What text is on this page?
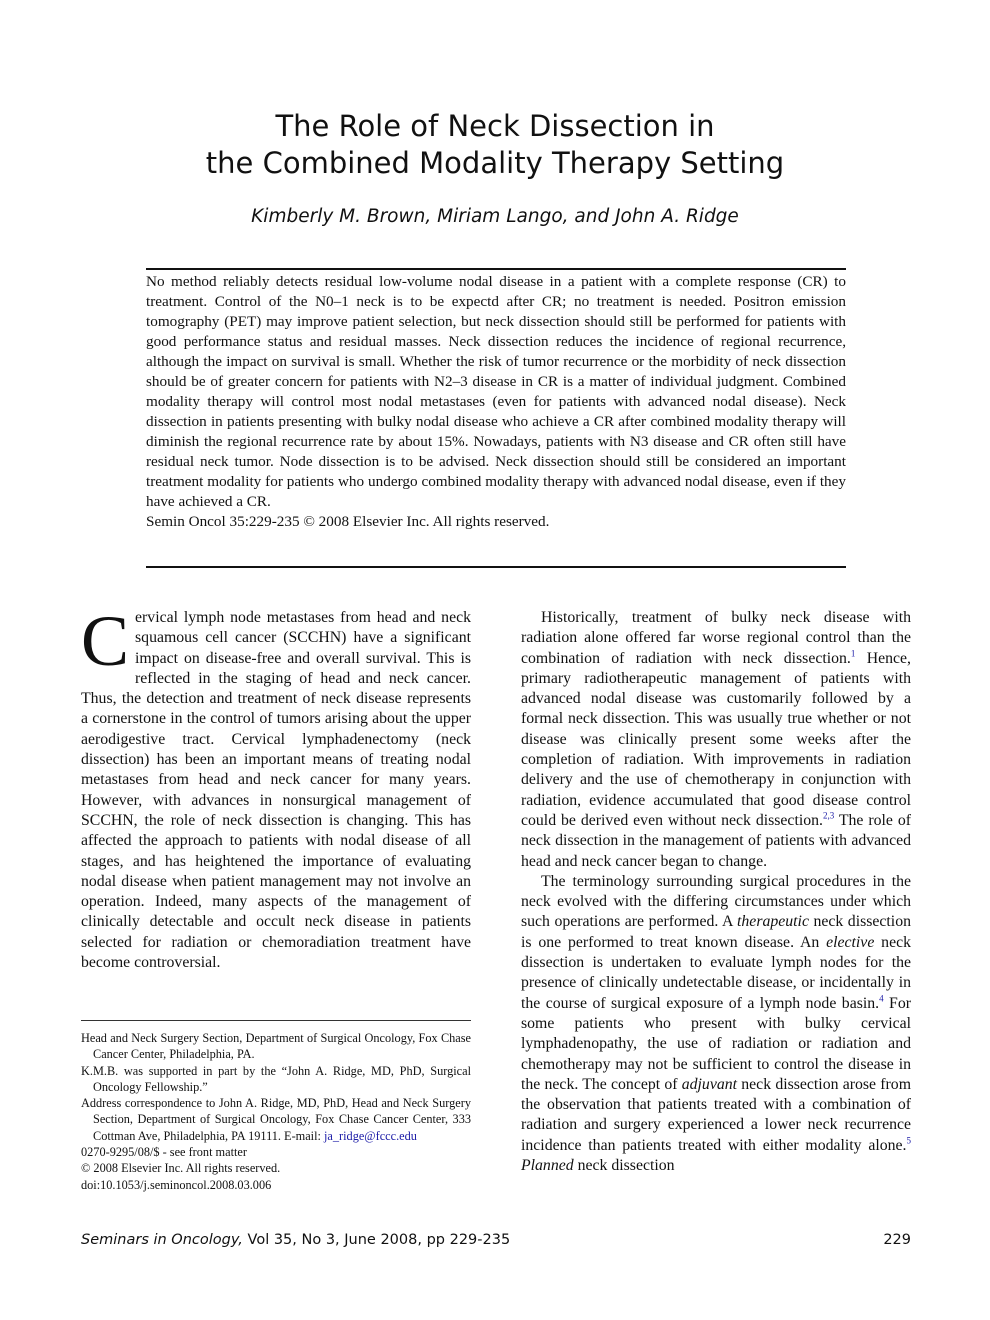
The Role of Neck Dissection in
the Combined Modality Therapy Setting
Kimberly M. Brown, Miriam Lango, and John A. Ridge

No method reliably detects residual low-volume nodal disease in a patient with a complete response (CR) to treatment. Control of the N0–1 neck is to be expectd after CR; no treatment is needed. Positron emission tomography (PET) may improve patient selection, but neck dissection should still be performed for patients with good performance status and residual masses. Neck dissection reduces the incidence of regional recurrence, although the impact on survival is small. Whether the risk of tumor recurrence or the morbidity of neck dissection should be of greater concern for patients with N2–3 disease in CR is a matter of individual judgment. Combined modality therapy will control most nodal metastases (even for patients with advanced nodal disease). Neck dissection in patients presenting with bulky nodal disease who achieve a CR after combined modality therapy will diminish the regional recurrence rate by about 15%. Nowadays, patients with N3 disease and CR often still have residual neck tumor. Node dissection is to be advised. Neck dissection should still be considered an important treatment modality for patients who undergo combined modality therapy with advanced nodal disease, even if they have achieved a CR.

Semin Oncol 35:229-235 © 2008 Elsevier Inc. All rights reserved.

Cervical lymph node metastases from head and neck squamous cell cancer (SCCHN) have a significant impact on disease-free and overall survival. This is reflected in the staging of head and neck cancer. Thus, the detection and treatment of neck disease represents a cornerstone in the control of tumors arising about the upper aerodigestive tract. Cervical lymphadenectomy (neck dissection) has been an important means of treating nodal metastases from head and neck cancer for many years. However, with advances in nonsurgical management of SCCHN, the role of neck dissection is changing. This has affected the approach to patients with nodal disease of all stages, and has heightened the importance of evaluating nodal disease when patient management may not involve an operation. Indeed, many aspects of the management of clinically detectable and occult neck disease in patients selected for radiation or chemoradiation treatment have become controversial.

Historically, treatment of bulky neck disease with radiation alone offered far worse regional control than the combination of radiation with neck dissection.$^1$ Hence, primary radiotherapeutic management of patients with advanced nodal disease was customarily followed by a formal neck dissection. This was usually true whether or not disease was clinically present some weeks after the completion of radiation. With improvements in radiation delivery and the use of chemotherapy in conjunction with radiation, evidence accumulated that good disease control could be derived even without neck dissection.$^{2,3}$ The role of neck dissection in the management of patients with advanced head and neck cancer began to change.

The terminology surrounding surgical procedures in the neck evolved with the differing circumstances under which such operations are performed. A therapeutic neck dissection is one performed to treat known disease. An elective neck dissection is undertaken to evaluate lymph nodes for the presence of clinically undetectable disease, or incidentally in the course of surgical exposure of a lymph node basin.$^4$ For some patients who present with bulky cervical lymphadenopathy, the use of radiation or radiation and chemotherapy may not be sufficient to control the disease in the neck. The concept of adjuvant neck dissection arose from the observation that patients treated with a combination of radiation and surgery experienced a lower neck recurrence incidence than patients treated with either modality alone.$^5$ Planned neck dissection

Head and Neck Surgery Section, Department of Surgical Oncology, Fox Chase Cancer Center, Philadelphia, PA.

K.M.B. was supported in part by the “John A. Ridge, MD, PhD, Surgical Oncology Fellowship.”

Address correspondence to John A. Ridge, MD, PhD, Head and Neck Surgery Section, Department of Surgical Oncology, Fox Chase Cancer Center, 333 Cottman Ave, Philadelphia, PA 19111. E-mail: ja_ridge@fccc.edu

0270-9295/08/$ - see front matter

© 2008 Elsevier Inc. All rights reserved.

doi:10.1053/j.seminoncol.2008.03.006

Seminars in Oncology, Vol 35, No 3, June 2008, pp 229-235	229
